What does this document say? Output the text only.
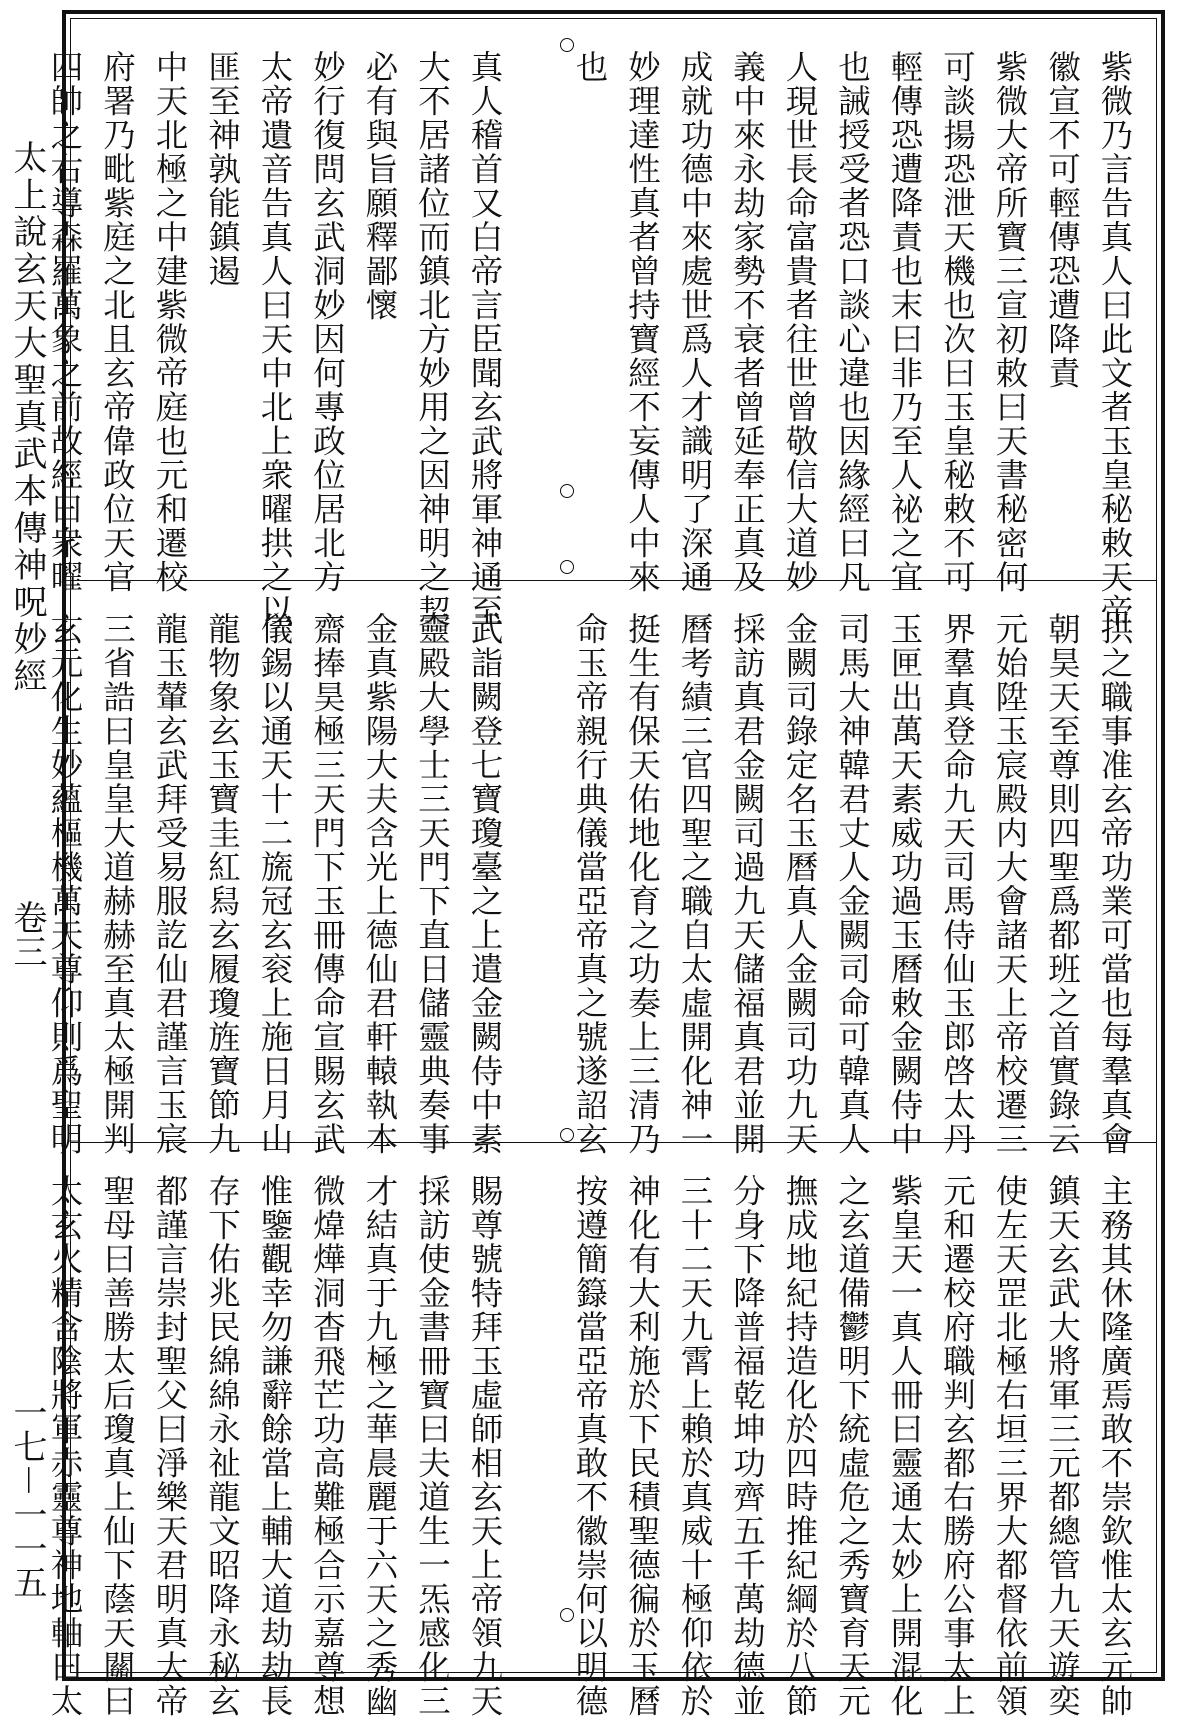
太上說玄天大聖真武本傳神呪妙經
卷三
一七－一一五
紫微乃言告真人曰此文者玉皇秘敕天帝
徽宣不可輕傳恐遭降責
紫微大帝所寶三宣初敕曰天書秘密何
可談揚恐泄天機也次曰玉皇秘敕不可
輕傳恐遭降責也末曰非乃至人祕之宜
也誡授受者恐口談心違也因緣經曰凡
人現世長命富貴者往世曾敬信大道妙
義中來永劫家勢不衰者曾延奉正真及
成就功德中來處世爲人才識明了深通
妙理達性真者曾持寶經不妄傳人中來
也
真人稽首又白帝言臣聞玄武將軍神通至
大不居諸位而鎮北方妙用之因神明之契
必有與旨願釋鄙懷
妙行復問玄武洞妙因何專政位居北方
太帝遺音告真人曰天中北上衆曜拱之以
匪至神孰能鎮遏
中天北極之中建紫微帝庭也元和遷校
府署乃毗紫庭之北且玄帝偉政位天官
四帥之右導森羅萬象之前故經曰衆曜
拱之職事准玄帝功業可當也每羣真會
朝昊天至尊則四聖爲都班之首實錄云
元始陞玉宸殿内大會諸天上帝校遷三
界羣真登命九天司馬侍仙玉郎啓太丹
玉匣出萬天素威功過玉曆敕金闕侍中
司馬大神韓君丈人金闕司命可韓真人
金闕司錄定名玉曆真人金闕司功九天
採訪真君金闕司過九天儲福真君並開
曆考績三官四聖之職自太虛開化神一
挺生有保天佑地化育之功奏上三清乃
命玉帝親行典儀當亞帝真之號遂詔玄
武詣闕登七寶瓊臺之上遣金闕侍中素
靈殿大學士三天門下直日儲靈典奏事
金真紫陽大夫含光上德仙君軒轅執本
齋捧昊極三天門下玉冊傳命宣賜玄武
儀錫以通天十二旒冠玄衮上施日月山
龍物象玄玉寶圭紅舄玄履瓊旌寶節九
龍玉輦玄武拜受易服訖仙君謹言玉宸
三省誥曰皇皇大道赫赫至真太極開判
玄元化生妙蘊樞機萬天尊仰則爲聖明
主務其休隆廣焉敢不崇欽惟太玄元帥
鎮天玄武大將軍三元都總管九天遊奕
使左天罡北極右垣三界大都督依前領
元和遷校府職判玄都右勝府公事太上
紫皇天一真人冊曰靈通太妙上開混化
之玄道備鬱明下統虛危之秀寶育天元
撫成地紀持造化於四時推紀綱於八節
分身下降普福乾坤功齊五千萬劫德並
三十二天九霄上賴於真威十極仰依於
神化有大利施於下民積聖德徧於玉曆
按遵簡籙當亞帝真敢不徽崇何以明德
賜尊號特拜玉虛師相玄天上帝領九天
採訪使金書冊寶曰夫道生一炁感化三
才結真于九極之華晨麗于六天之秀幽
微煒燁洞杳飛芒功高難極合示嘉尊想
惟鑒觀幸勿謙辭餘當上輔大道劫劫長
存下佑兆民綿綿永祉龍文昭降永秘玄
都謹言崇封聖父曰淨樂天君明真大帝
聖母曰善勝太后瓊真上仙下蔭天關曰
太玄火精含陰將軍赤靈尊神地軸曰太
